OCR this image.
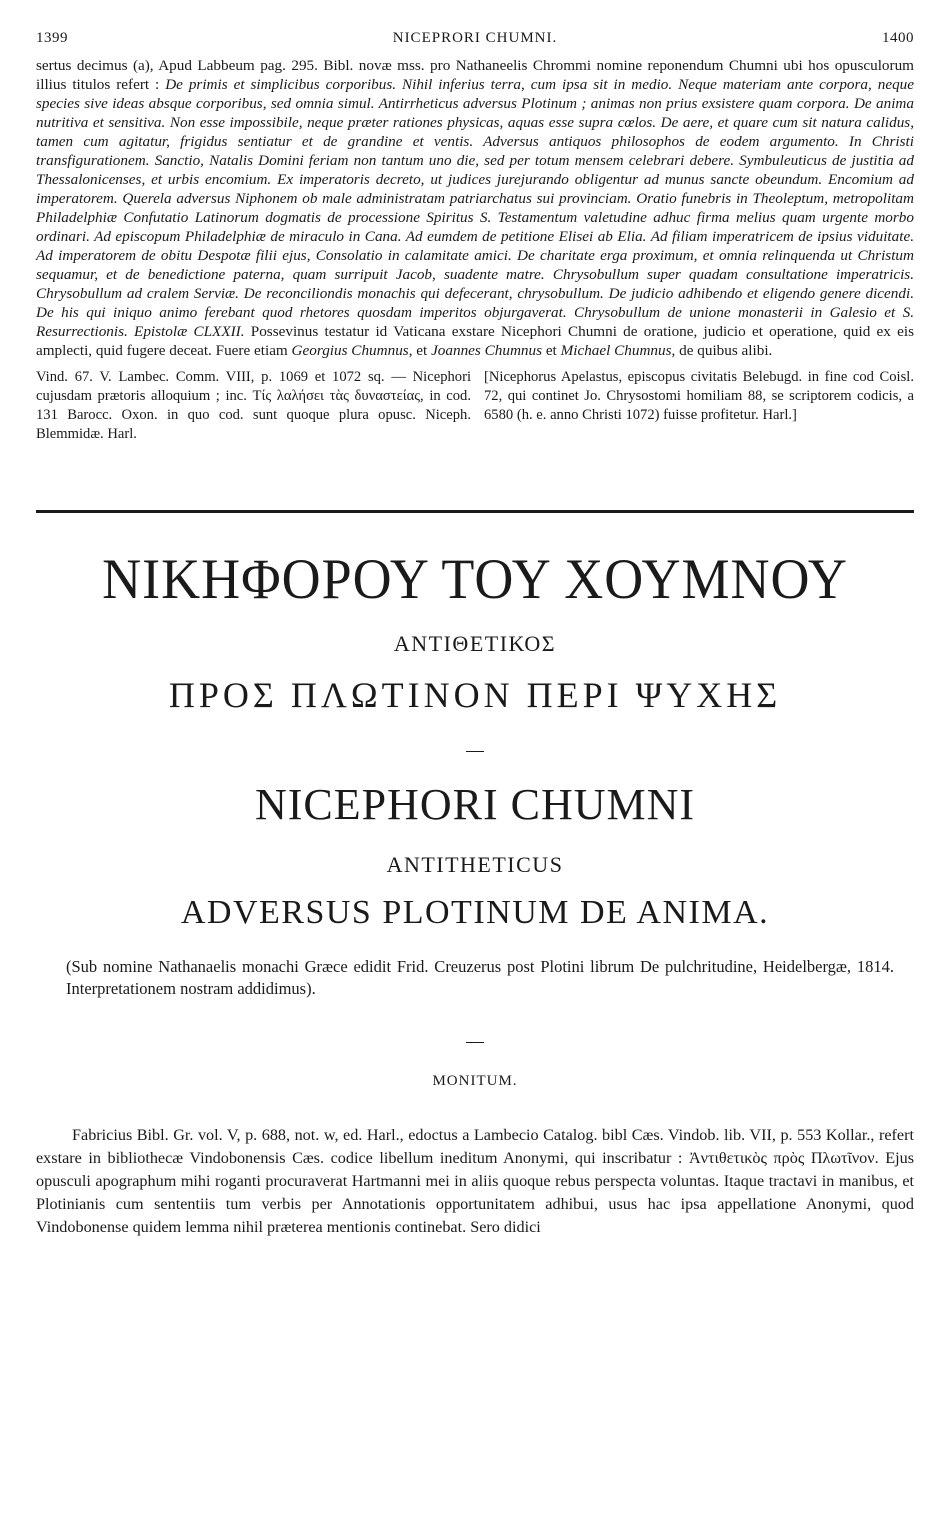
1399	NICEPRORI CHUMNI.	1400
sertus decimus (a), Apud Labbeum pag. 295. Bibl. novæ mss. pro Nathaneelis Chrommi nomine reponendum Chumni ubi hos opusculorum illius titulos refert : De primis et simplicibus corporibus. Nihil inferius terra, cum ipsa sit in medio. Neque materiam ante corpora, neque species sive ideas absque corporibus, sed omnia simul. Antirrheticus adversus Plotinum ; animas non prius exsistere quam corpora. De anima nutritiva et sensitiva. Non esse impossibile, neque præter rationes physicas, aquas esse supra cœlos. De aere, et quare cum sit natura calidus, tamen cum agitatur, frigidus sentiatur et de grandine et ventis. Adversus antiquos philosophos de eodem argumento. In Christi transfigurationem. Sanctio, Natalis Domini feriam non tantum uno die, sed per totum mensem celebrari debere. Symbuleuticus de justitia ad Thessalonicenses, et urbis encomium. Ex imperatoris decreto, ut judices jurejurando obligentur ad munus sancte obeundum. Encomium ad imperatorem. Querela adversus Niphonem ob male administratam patriarchatus sui provinciam. Oratio funebris in Theoleptum, metropolitam Philadelphiæ Confutatio Latinorum dogmatis de processione Spiritus S. Testamentum valetudine adhuc firma melius quam urgente morbo ordinari. Ad episcopum Philadelphiæ de miraculo in Cana. Ad eumdem de petitione Elisei ab Elia. Ad filiam imperatricem de ipsius viduitate. Ad imperatorem de obitu Despotæ filii ejus, Consolatio in calamitate amici. De charitate erga proximum, et omnia relinquenda ut Christum sequamur, et de benedictione paterna, quam surripuit Jacob, suadente matre. Chrysobullum super quadam consultatione imperatricis. Chrysobullum ad cralem Serviæ. De reconciliondis monachis qui defecerant, chrysobullum. De judicio adhibendo et eligendo genere dicendi. De his qui iniquo animo ferebant quod rhetores quosdam imperitos objurgaverat. Chrysobullum de unione monasterii in Galesio et S. Resurrectionis. Epistolæ CLXXII. Possevinus testatur id Vaticana exstare Nicephori Chumni de oratione, judicio et operatione, quid ex eis amplecti, quid fugere deceat. Fuere etiam Georgius Chumnus, et Joannes Chumnus et Michael Chumnus, de quibus alibi.
Vind. 67. V. Lambec. Comm. VIII, p. 1069 et 1072 sq. — Nicephori cujusdam prætoris alloquium ; inc. Τίς λαλήσει τὰς δυναστείας, in cod. 131 Barocc. Oxon. in quo cod. sunt quoque plura opusc. Niceph. Blemmidæ. Harl.
[Nicephorus Apelastus, episcopus civitatis Belebugd. in fine cod Coisl. 72, qui continet Jo. Chrysostomi homiliam 88, se scriptorem codicis, a 6580 (h. e. anno Christi 1072) fuisse profitetur. Harl.]
ΝΙΚΗΦΟΡΟΥ ΤΟΥ ΧΟΥΜΝΟΥ
ΑΝΤΙΘΕΤΙΚΟΣ
ΠΡΟΣ ΠΛΩΤΙΝΟΝ ΠΕΡΙ ΨΥΧΗΣ
NICEPHORI CHUMNI
ANTITHETICUS
ADVERSUS PLOTINUM DE ANIMA.
(Sub nomine Nathanaelis monachi Græce edidit Frid. Creuzerus post Plotini librum De pulchritudine, Heidelbergæ, 1814. Interpretationem nostram addidimus).
MONITUM.
Fabricius Bibl. Gr. vol. V, p. 688, not. w, ed. Harl., edoctus a Lambecio Catalog. bibl Cæs. Vindob. lib. VII, p. 553 Kollar., refert exstare in bibliothecæ Vindobonensis Cæs. codice libellum ineditum Anonymi, qui inscribatur : Ἀντιθετικὸς πρὸς Πλωτῖνον. Ejus opusculi apographum mihi roganti procuraverat Hartmanni mei in aliis quoque rebus perspecta voluntas. Itaque tractavi in manibus, et Plotinianis cum sententiis tum verbis per Annotationis opportunitatem adhibui, usus hac ipsa appellatione Anonymi, quod Vindobonense quidem lemma nihil præterea mentionis continebat. Sero didici
